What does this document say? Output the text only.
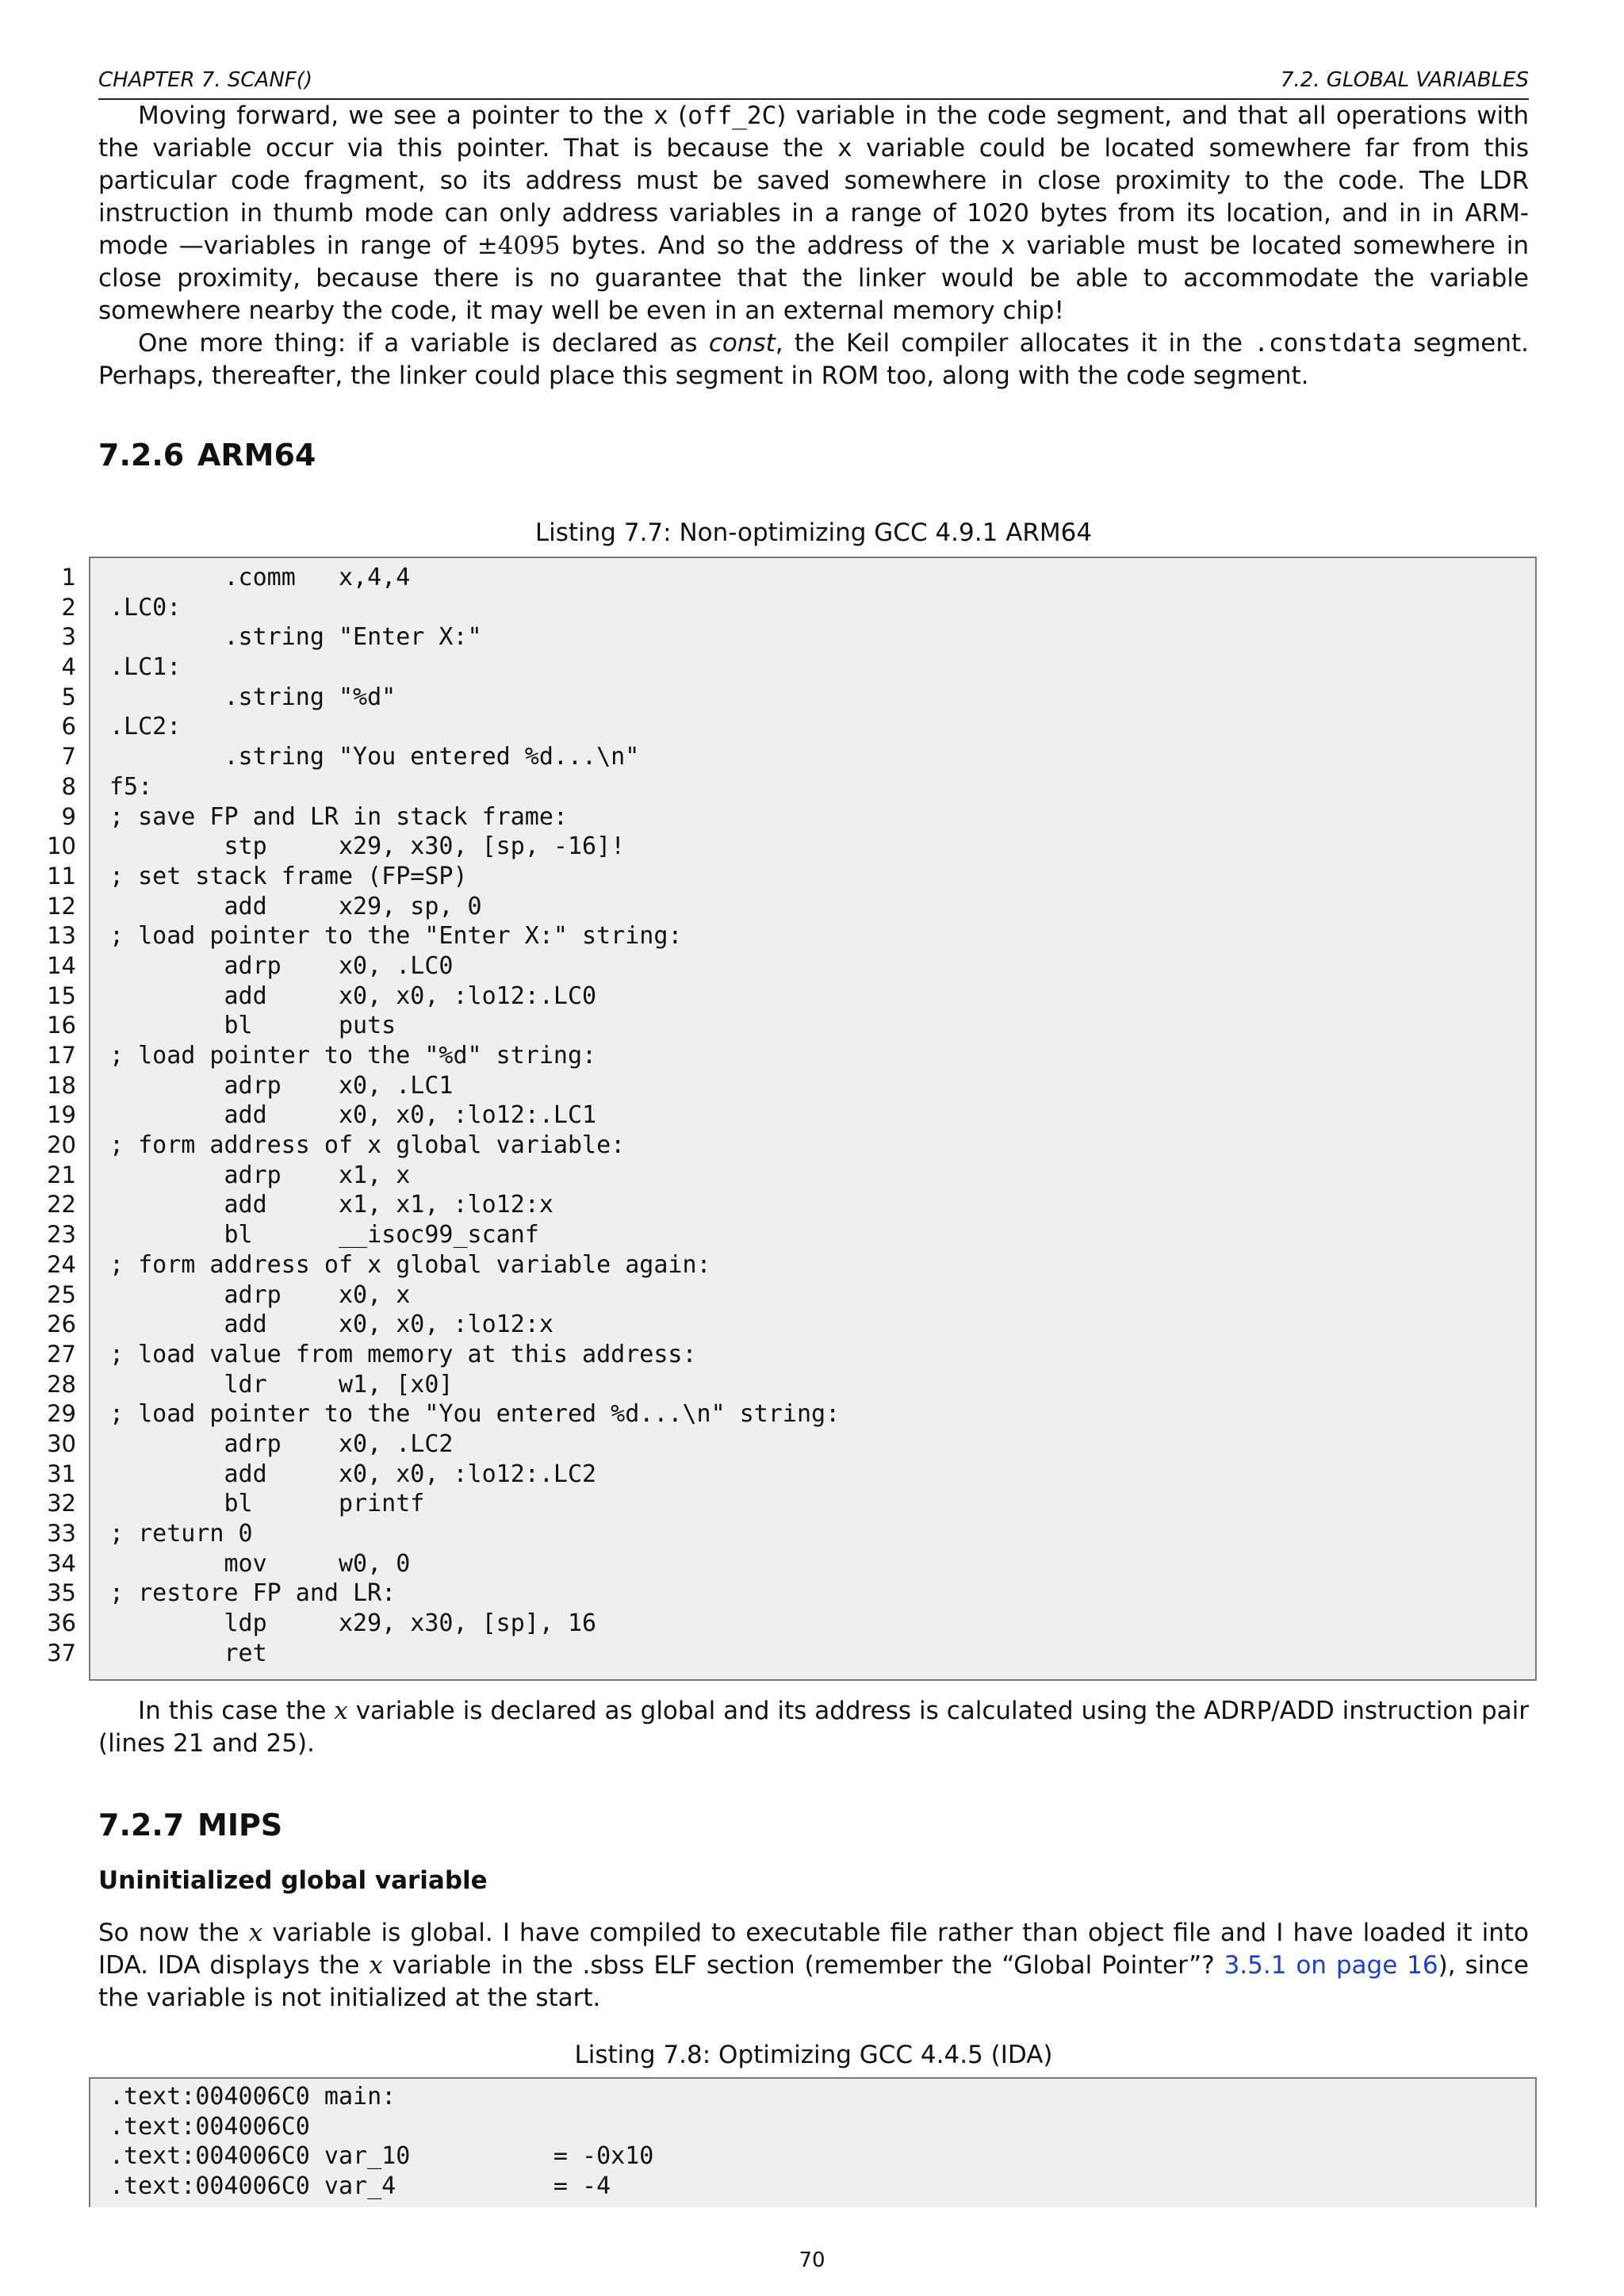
CHAPTER 7. SCANF()	7.2. GLOBAL VARIABLES

Moving forward, we see a pointer to the x (off_2C) variable in the code segment, and that all operations with the variable occur via this pointer. That is because the x variable could be located somewhere far from this particular code fragment, so its address must be saved somewhere in close proximity to the code. The LDR instruction in thumb mode can only address variables in a range of 1020 bytes from its location, and in in ARM-mode —variables in range of ±4095 bytes. And so the address of the x variable must be located somewhere in close proximity, because there is no guarantee that the linker would be able to accommodate the variable somewhere nearby the code, it may well be even in an external memory chip!

One more thing: if a variable is declared as const, the Keil compiler allocates it in the .constdata segment. Perhaps, thereafter, the linker could place this segment in ROM too, along with the code segment.

7.2.6 ARM64
Listing 7.7: Non-optimizing GCC 4.9.1 ARM64
1 .comm   x,4,4
2 .LC0:
3 .string "Enter X:"
4 .LC1:
5 .string "%d"
6 .LC2:
7 .string "You entered %d...\n"
8 f5:
9 ; save FP and LR in stack frame:
10 stp     x29, x30, [sp, -16]!
11 ; set stack frame (FP=SP)
12 add     x29, sp, 0
13 ; load pointer to the "Enter X:" string:
14 adrp    x0, .LC0
15 add     x0, x0, :lo12:.LC0
16 bl      puts
17 ; load pointer to the "%d" string:
18 adrp    x0, .LC1
19 add     x0, x0, :lo12:.LC1
20 ; form address of x global variable:
21 adrp    x1, x
22 add     x1, x1, :lo12:x
23 bl      __isoc99_scanf
24 ; form address of x global variable again:
25 adrp    x0, x
26 add     x0, x0, :lo12:x
27 ; load value from memory at this address:
28 ldr     w1, [x0]
29 ; load pointer to the "You entered %d...\n" string:
30 adrp    x0, .LC2
31 add     x0, x0, :lo12:.LC2
32 bl      printf
33 ; return 0
34 mov     w0, 0
35 ; restore FP and LR:
36 ldp     x29, x30, [sp], 16
37 ret

In this case the x variable is declared as global and its address is calculated using the ADRP/ADD instruction pair (lines 21 and 25).

7.2.7 MIPS
Uninitialized global variable

So now the x variable is global. I have compiled to executable file rather than object file and I have loaded it into IDA. IDA displays the x variable in the .sbss ELF section (remember the “Global Pointer”? 3.5.1 on page 16), since the variable is not initialized at the start.

Listing 7.8: Optimizing GCC 4.4.5 (IDA)
.text:004006C0 main:
.text:004006C0
.text:004006C0 var_10          = -0x10
.text:004006C0 var_4           = -4
70
